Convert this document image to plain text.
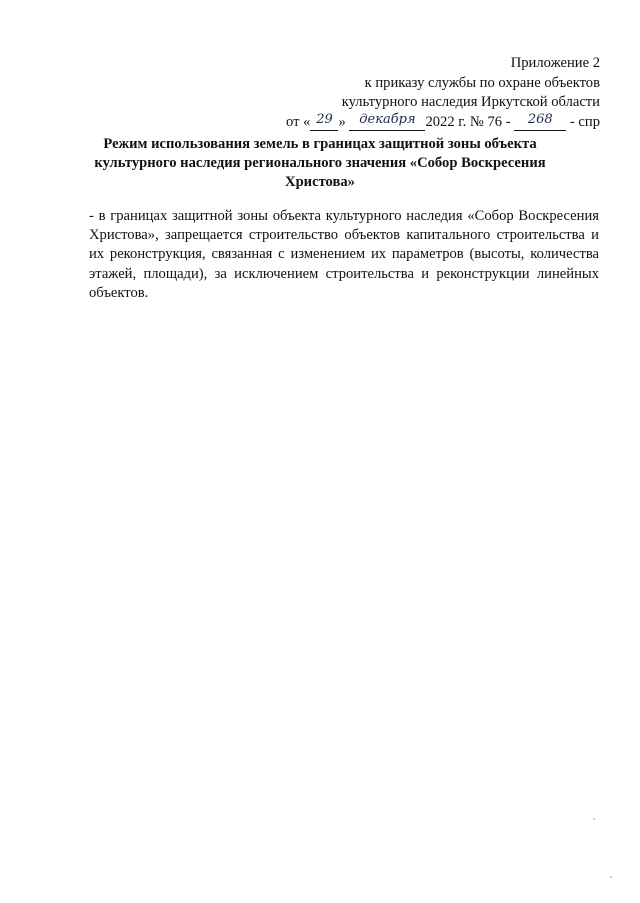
Приложение 2
к приказу службы по охране объектов
культурного наследия Иркутской области
от « 29 » декабря 2022 г. № 76 - 268 - спр
Режим использования земель в границах защитной зоны объекта культурного наследия регионального значения «Собор Воскресения Христова»
- в границах защитной зоны объекта культурного наследия «Собор Воскресения Христова», запрещается строительство объектов капитального строительства и их реконструкция, связанная с изменением их параметров (высоты, количества этажей, площади), за исключением строительства и реконструкции линейных объектов.
